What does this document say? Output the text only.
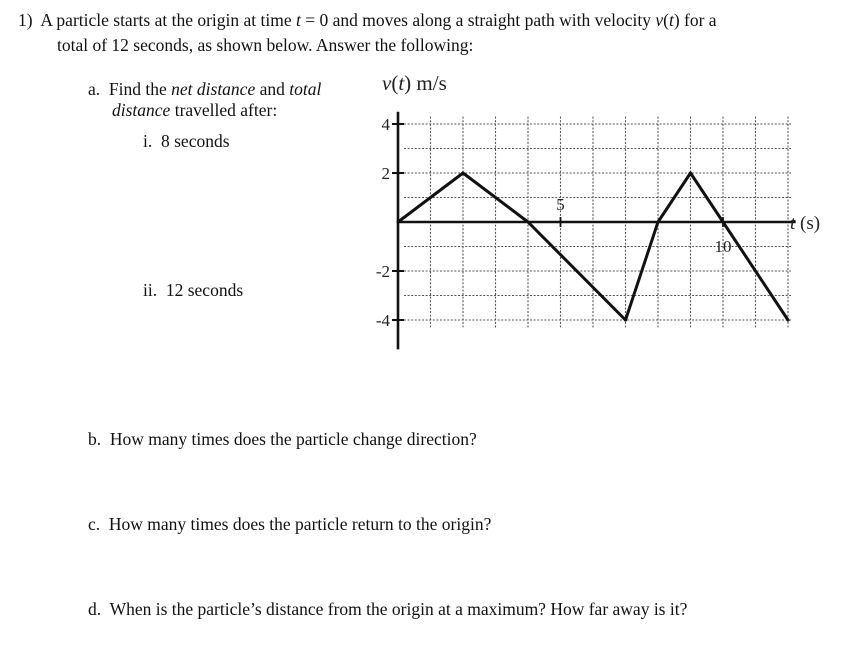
1) A particle starts at the origin at time t = 0 and moves along a straight path with velocity v(t) for a
total of 12 seconds, as shown below. Answer the following:
a. Find the net distance and total
distance travelled after:
i. 8 seconds
ii. 12 seconds
b. How many times does the particle change direction?
c. How many times does the particle return to the origin?
d. When is the particle’s distance from the origin at a maximum? How far away is it?
4
2
-2
-4
5
10
v(t) m/s
t (s)
